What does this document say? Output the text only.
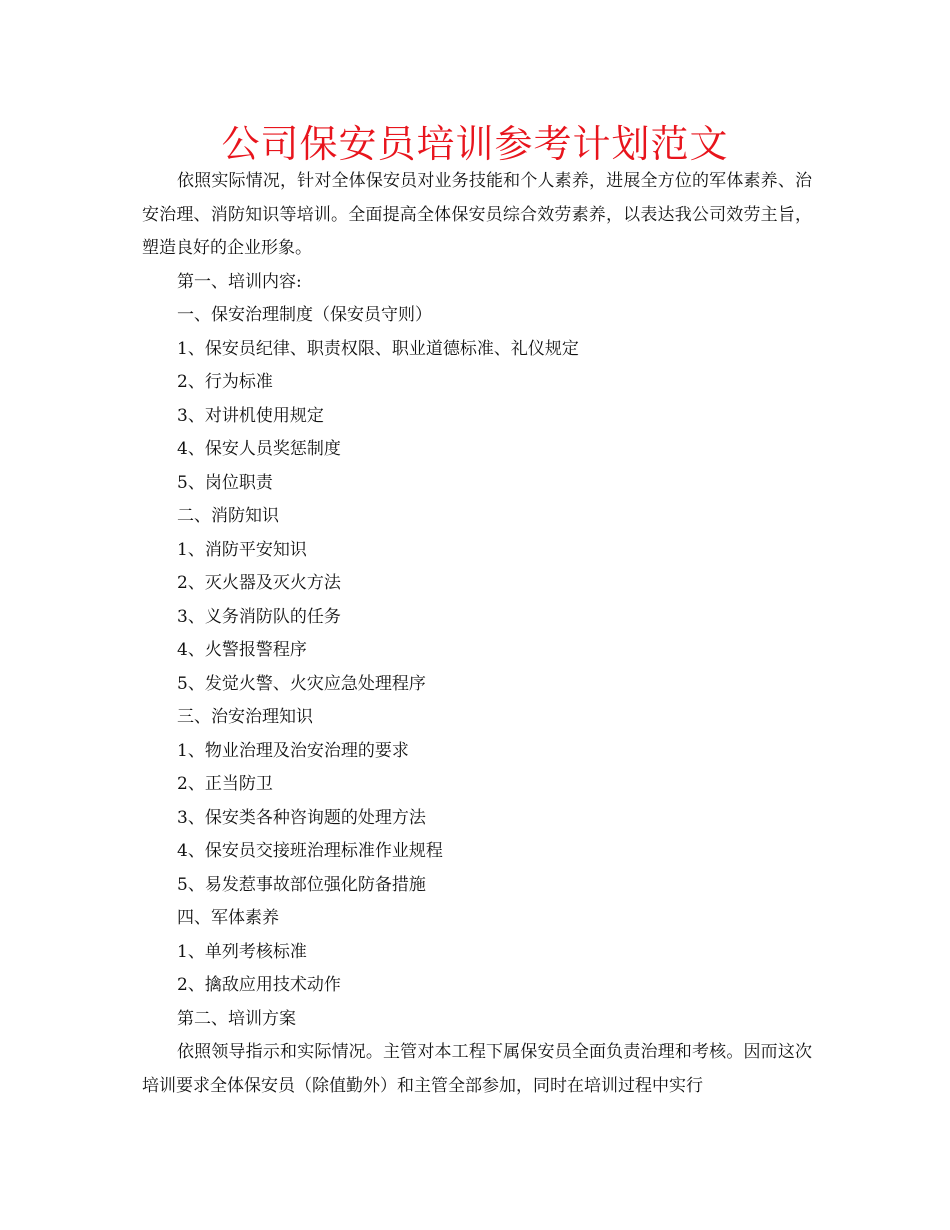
公司保安员培训参考计划范文

依照实际情况，针对全体保安员对业务技能和个人素养，进展全方位的军体素养、治安治理、消防知识等培训。全面提高全体保安员综合效劳素养，以表达我公司效劳主旨，塑造良好的企业形象。

第一、培训内容:

一、保安治理制度（保安员守则）

1、保安员纪律、职责权限、职业道德标准、礼仪规定

2、行为标准

3、对讲机使用规定

4、保安人员奖惩制度

5、岗位职责

二、消防知识

1、消防平安知识

2、灭火器及灭火方法

3、义务消防队的任务

4、火警报警程序

5、发觉火警、火灾应急处理程序

三、治安治理知识

1、物业治理及治安治理的要求

2、正当防卫

3、保安类各种咨询题的处理方法

4、保安员交接班治理标准作业规程

5、易发惹事故部位强化防备措施

四、军体素养

1、单列考核标准

2、擒敌应用技术动作

第二、培训方案

依照领导指示和实际情况。主管对本工程下属保安员全面负责治理和考核。因而这次培训要求全体保安员（除值勤外）和主管全部参加，同时在培训过程中实行
